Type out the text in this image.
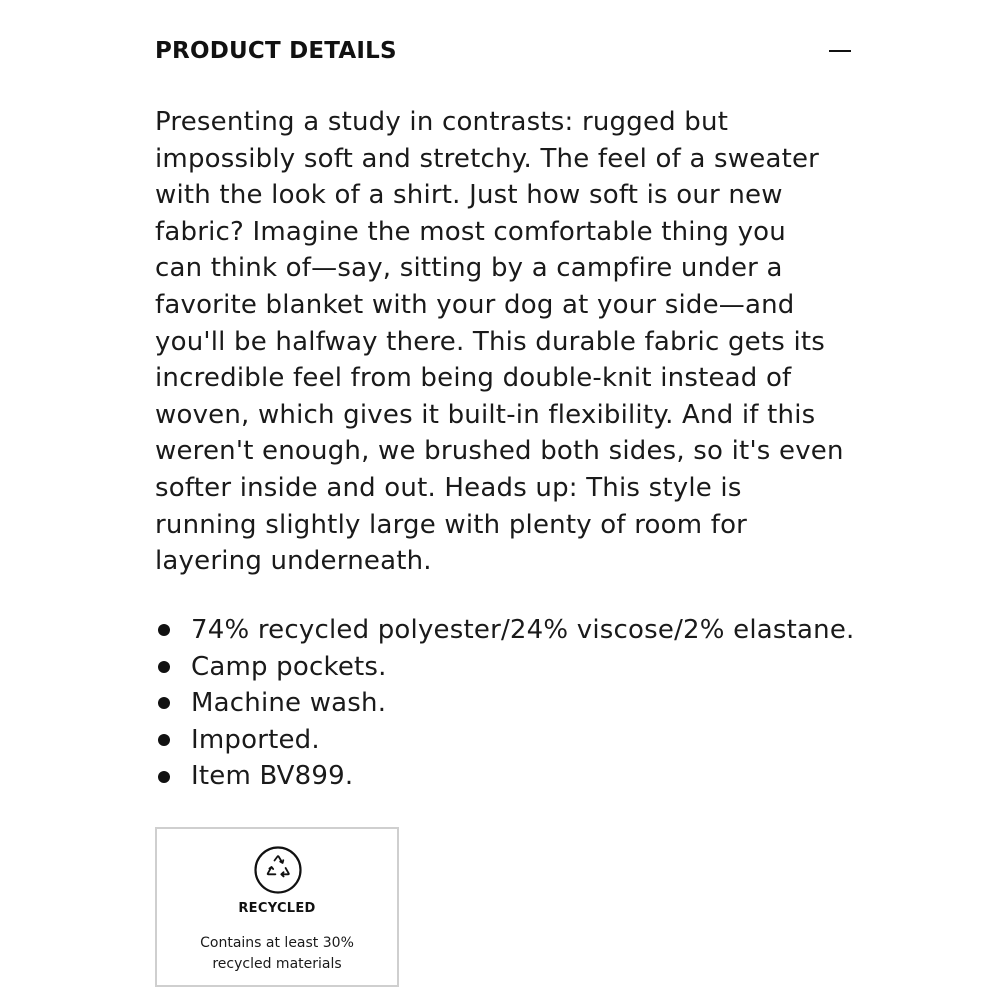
PRODUCT DETAILS

Presenting a study in contrasts: rugged but
impossibly soft and stretchy. The feel of a sweater
with the look of a shirt. Just how soft is our new
fabric? Imagine the most comfortable thing you
can think of—say, sitting by a campfire under a
favorite blanket with your dog at your side—and
you'll be halfway there. This durable fabric gets its
incredible feel from being double-knit instead of
woven, which gives it built-in flexibility. And if this
weren't enough, we brushed both sides, so it's even
softer inside and out. Heads up: This style is
running slightly large with plenty of room for
layering underneath.

74% recycled polyester/24% viscose/2% elastane.
Camp pockets.
Machine wash.
Imported.
Item BV899.
RECYCLED
Contains at least 30%
recycled materials
